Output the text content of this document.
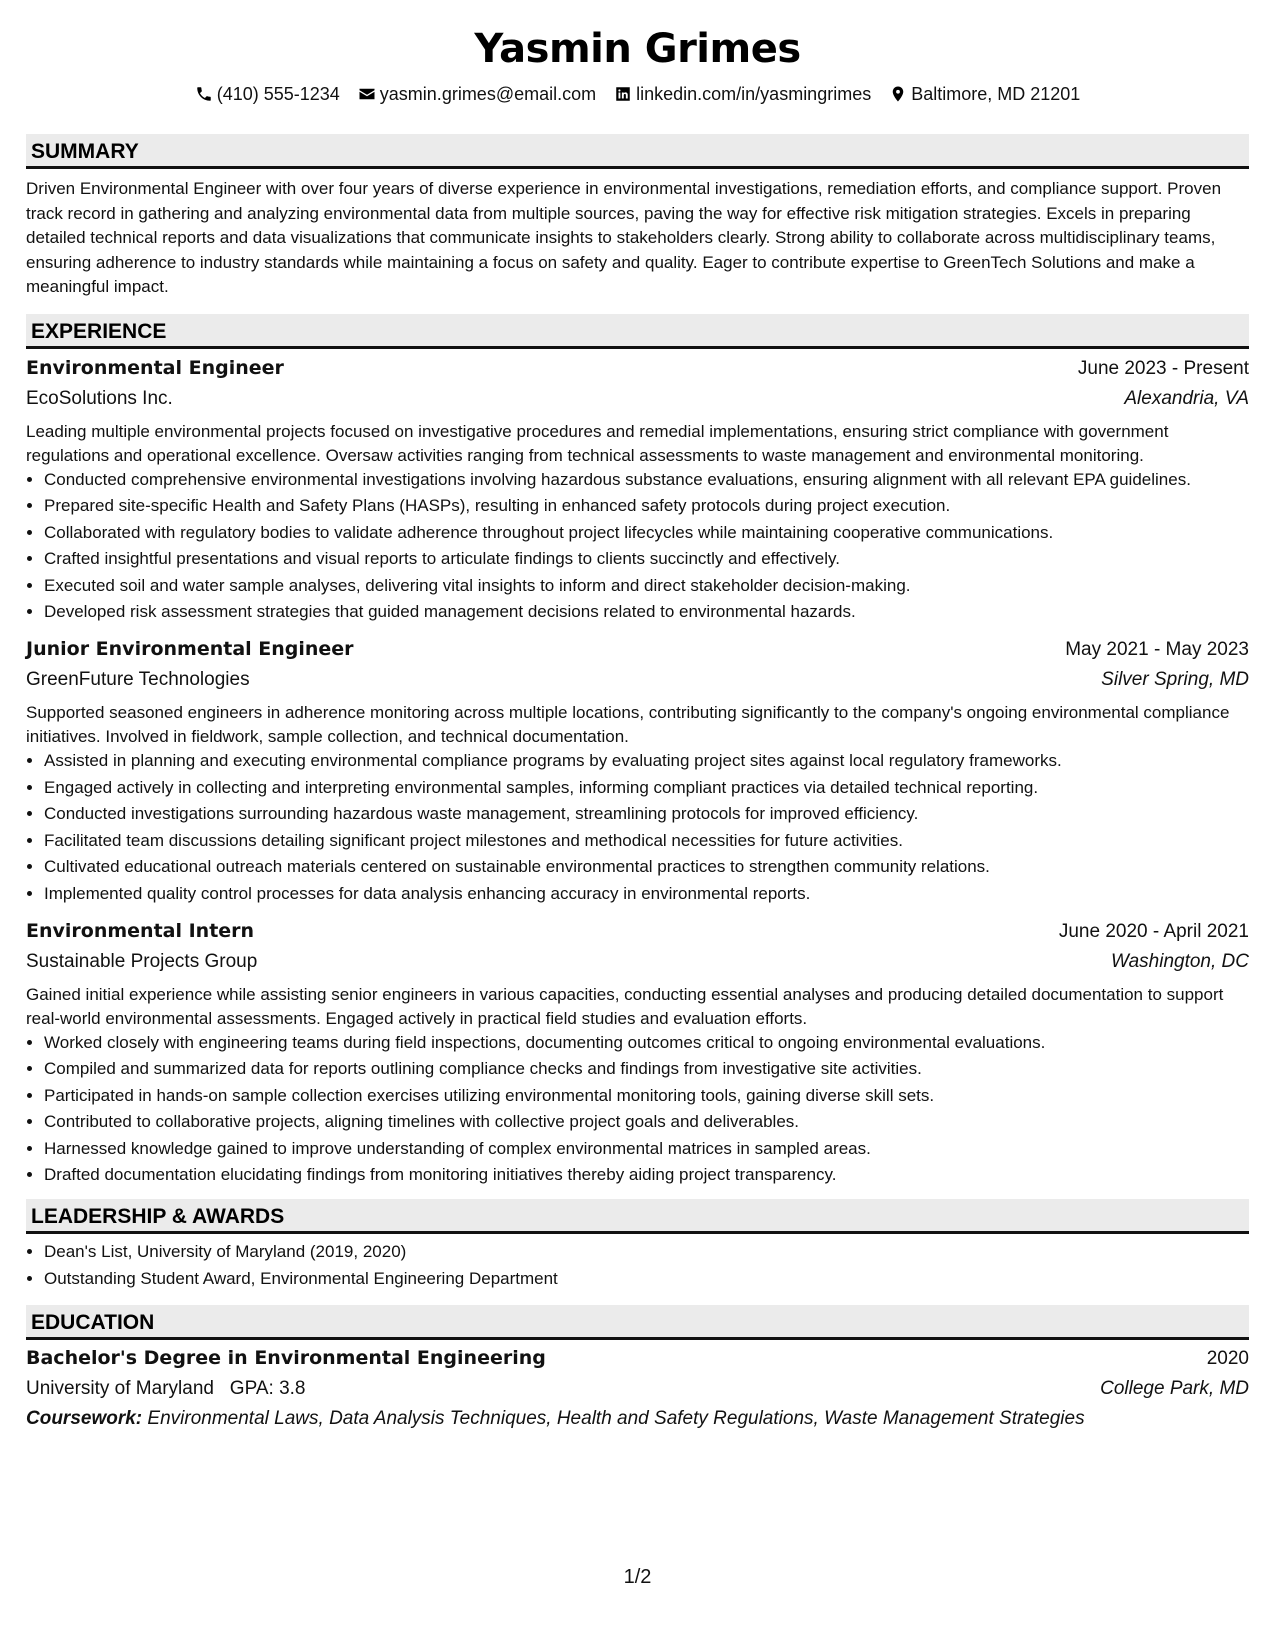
Yasmin Grimes
(410) 555-1234 yasmin.grimes@email.com linkedin.com/in/yasmingrimes Baltimore, MD 21201
SUMMARY
Driven Environmental Engineer with over four years of diverse experience in environmental investigations, remediation efforts, and compliance support. Proven track record in gathering and analyzing environmental data from multiple sources, paving the way for effective risk mitigation strategies. Excels in preparing detailed technical reports and data visualizations that communicate insights to stakeholders clearly. Strong ability to collaborate across multidisciplinary teams, ensuring adherence to industry standards while maintaining a focus on safety and quality. Eager to contribute expertise to GreenTech Solutions and make a meaningful impact.
EXPERIENCE
Environmental Engineer	June 2023 - Present
EcoSolutions Inc.	Alexandria, VA
Leading multiple environmental projects focused on investigative procedures and remedial implementations, ensuring strict compliance with government regulations and operational excellence. Oversaw activities ranging from technical assessments to waste management and environmental monitoring.
• Conducted comprehensive environmental investigations involving hazardous substance evaluations, ensuring alignment with all relevant EPA guidelines.
• Prepared site-specific Health and Safety Plans (HASPs), resulting in enhanced safety protocols during project execution.
• Collaborated with regulatory bodies to validate adherence throughout project lifecycles while maintaining cooperative communications.
• Crafted insightful presentations and visual reports to articulate findings to clients succinctly and effectively.
• Executed soil and water sample analyses, delivering vital insights to inform and direct stakeholder decision-making.
• Developed risk assessment strategies that guided management decisions related to environmental hazards.
Junior Environmental Engineer	May 2021 - May 2023
GreenFuture Technologies	Silver Spring, MD
Supported seasoned engineers in adherence monitoring across multiple locations, contributing significantly to the company's ongoing environmental compliance initiatives. Involved in fieldwork, sample collection, and technical documentation.
• Assisted in planning and executing environmental compliance programs by evaluating project sites against local regulatory frameworks.
• Engaged actively in collecting and interpreting environmental samples, informing compliant practices via detailed technical reporting.
• Conducted investigations surrounding hazardous waste management, streamlining protocols for improved efficiency.
• Facilitated team discussions detailing significant project milestones and methodical necessities for future activities.
• Cultivated educational outreach materials centered on sustainable environmental practices to strengthen community relations.
• Implemented quality control processes for data analysis enhancing accuracy in environmental reports.
Environmental Intern	June 2020 - April 2021
Sustainable Projects Group	Washington, DC
Gained initial experience while assisting senior engineers in various capacities, conducting essential analyses and producing detailed documentation to support real-world environmental assessments. Engaged actively in practical field studies and evaluation efforts.
• Worked closely with engineering teams during field inspections, documenting outcomes critical to ongoing environmental evaluations.
• Compiled and summarized data for reports outlining compliance checks and findings from investigative site activities.
• Participated in hands-on sample collection exercises utilizing environmental monitoring tools, gaining diverse skill sets.
• Contributed to collaborative projects, aligning timelines with collective project goals and deliverables.
• Harnessed knowledge gained to improve understanding of complex environmental matrices in sampled areas.
• Drafted documentation elucidating findings from monitoring initiatives thereby aiding project transparency.
LEADERSHIP & AWARDS
• Dean's List, University of Maryland (2019, 2020)
• Outstanding Student Award, Environmental Engineering Department
EDUCATION
Bachelor's Degree in Environmental Engineering	2020
University of Maryland GPA: 3.8	College Park, MD
Coursework: Environmental Laws, Data Analysis Techniques, Health and Safety Regulations, Waste Management Strategies
1/2
